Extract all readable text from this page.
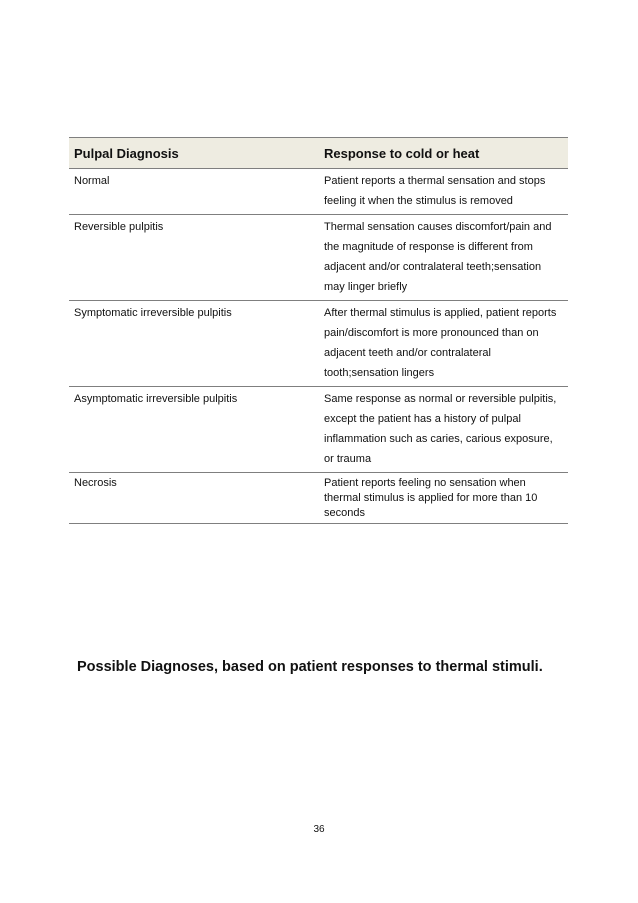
Pulpal Diagnosis	Response to cold or heat
Normal	Patient reports a thermal sensation and stops feeling it when the stimulus is removed
Reversible pulpitis	Thermal sensation causes discomfort/pain and the magnitude of response is different from adjacent and/or contralateral teeth;sensation may linger briefly
Symptomatic irreversible pulpitis	After thermal stimulus is applied, patient reports pain/discomfort is more pronounced than on adjacent teeth and/or contralateral tooth;sensation lingers
Asymptomatic irreversible pulpitis	Same response as normal or reversible pulpitis, except the patient has a history of pulpal inflammation such as caries, carious exposure, or trauma
Necrosis	Patient reports feeling no sensation when thermal stimulus is applied for more than 10 seconds
Possible Diagnoses, based on patient responses to thermal stimuli.
36
